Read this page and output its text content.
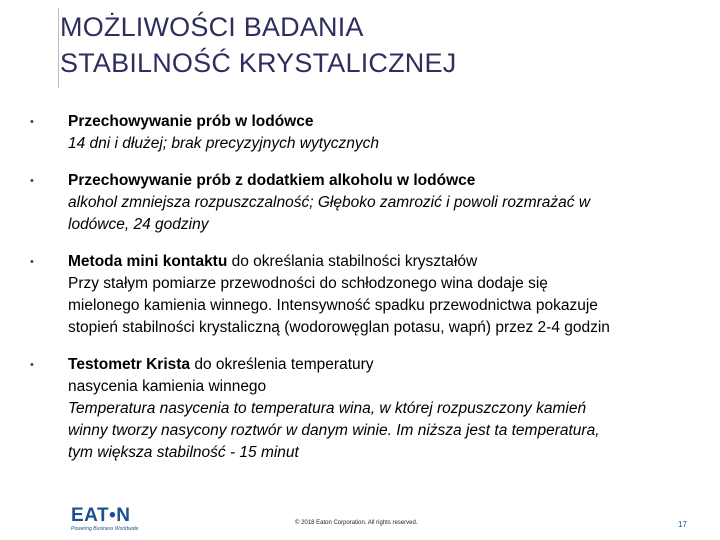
MOŻLIWOŚCI BADANIA
STABILNOŚĆ KRYSTALICZNEJ
• Przechowywanie prób w lodówce
14 dni i dłużej; brak precyzyjnych wytycznych
• Przechowywanie prób z dodatkiem alkoholu w lodówce
alkohol zmniejsza rozpuszczalność; Głęboko zamrozić i powoli rozmrażać w
lodówce, 24 godziny
• Metoda mini kontaktu do określania stabilności kryształów
Przy stałym pomiarze przewodności do schłodzonego wina dodaje się
mielonego kamienia winnego. Intensywność spadku przewodnictwa pokazuje
stopień stabilności krystaliczną (wodorowęglan potasu, wapń) przez 2-4 godzin
• Testometr Krista do określenia temperatury
nasycenia kamienia winnego
Temperatura nasycenia to temperatura wina, w której rozpuszczony kamień
winny tworzy nasycony roztwór w danym winie. Im niższa jest ta temperatura,
tym większa stabilność - 15 minut
EAT•N
Powering Business Worldwide
© 2018 Eaton Corporation. All rights reserved.	17
